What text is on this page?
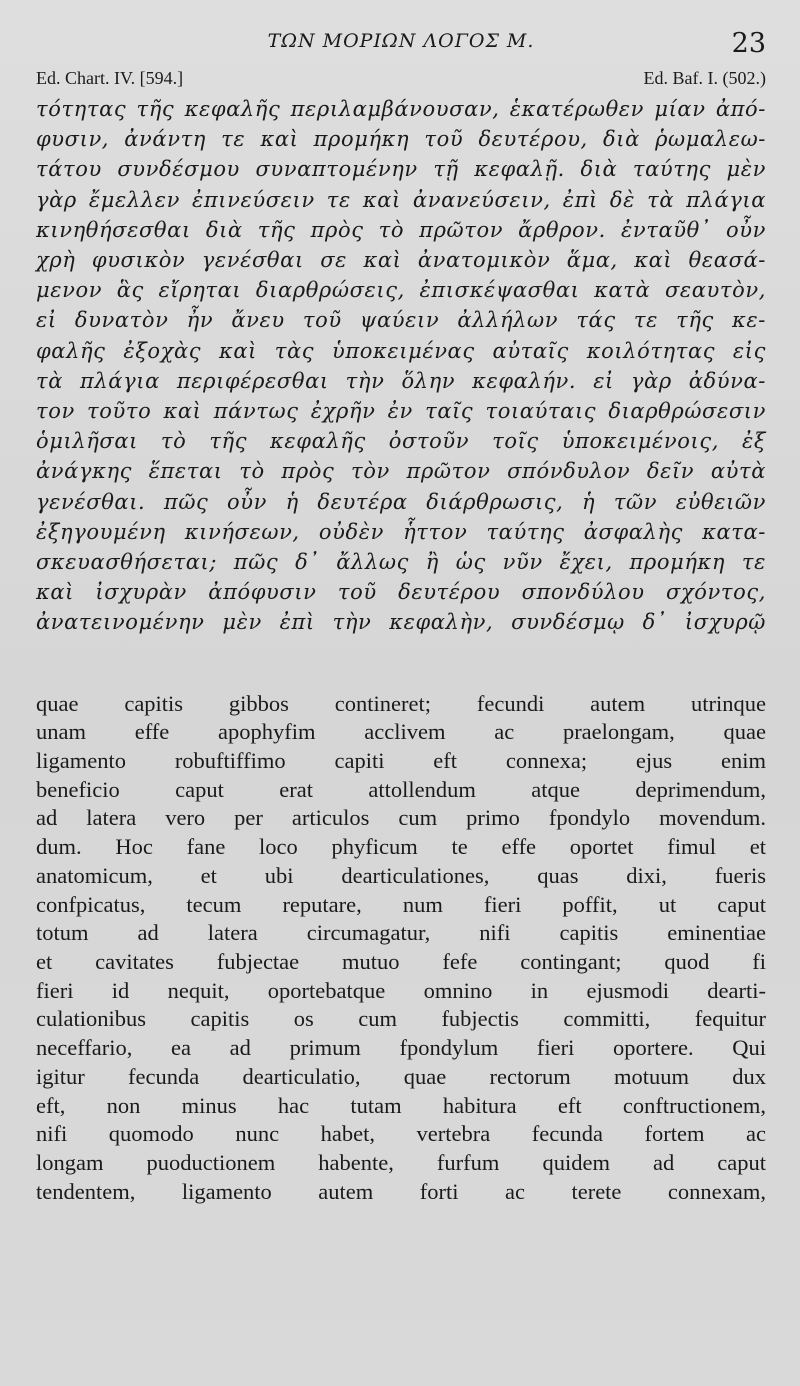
ΤΩΝ ΜΟΡΙΩΝ ΛΟΓΟΣ Μ.	23
Ed. Chart. IV. [594.]	Ed. Baf. I. (502.)
τότητας τῆς κεφαλῆς περιλαμβάνουσαν, ἑκατέρωθεν μίαν ἀπό-
φυσιν, ἀνάντη τε καὶ προμήκη τοῦ δευτέρου, διὰ ῥωμαλεω-
τάτου συνδέσμου συναπτομένην τῇ κεφαλῇ. διὰ ταύτης μὲν
γὰρ ἔμελλεν ἐπινεύσειν τε καὶ ἀνανεύσειν, ἐπὶ δὲ τὰ πλάγια
κινηθήσεσθαι διὰ τῆς πρὸς τὸ πρῶτον ἄρθρον. ἐνταῦθ᾽ οὖν
χρὴ φυσικὸν γενέσθαι σε καὶ ἀνατομικὸν ἅμα, καὶ θεασά-
μενον ἃς εἴρηται διαρθρώσεις, ἐπισκέψασθαι κατὰ σεαυτὸν,
εἰ δυνατὸν ἦν ἄνευ τοῦ ψαύειν ἀλλήλων τάς τε τῆς κε-
φαλῆς ἐξοχὰς καὶ τὰς ὑποκειμένας αὐταῖς κοιλότητας εἰς
τὰ πλάγια περιφέρεσθαι τὴν ὅλην κεφαλήν. εἰ γὰρ ἀδύνα-
τον τοῦτο καὶ πάντως ἐχρῆν ἐν ταῖς τοιαύταις διαρθρώσεσιν
ὁμιλῆσαι τὸ τῆς κεφαλῆς ὀστοῦν τοῖς ὑποκειμένοις, ἐξ
ἀνάγκης ἕπεται τὸ πρὸς τὸν πρῶτον σπόνδυλον δεῖν αὐτὰ
γενέσθαι. πῶς οὖν ἡ δευτέρα διάρθρωσις, ἡ τῶν εὐθειῶν
ἐξηγουμένη κινήσεων, οὐδὲν ἧττον ταύτης ἀσφαλὴς κατα-
σκευασθήσεται; πῶς δ᾽ ἄλλως ἢ ὡς νῦν ἔχει, προμήκη τε
καὶ ἰσχυρὰν ἀπόφυσιν τοῦ δευτέρου σπονδύλου σχόντος,
ἀνατεινομένην μὲν ἐπὶ τὴν κεφαλὴν, συνδέσμῳ δ᾽ ἰσχυρῷ
quae capitis gibbos contineret; fecundi autem utrinque
unam effe apophyfim acclivem ac praelongam, quae
ligamento robuftiffimo capiti eft connexa; ejus enim
beneficio caput erat attollendum atque deprimendum,
ad latera vero per articulos cum primo fpondylo movendum.
dum. Hoc fane loco phyficum te effe oportet fimul et
anatomicum, et ubi dearticulationes, quas dixi, fueris
confpicatus, tecum reputare, num fieri poffit, ut caput
totum ad latera circumagatur, nifi capitis eminentiae
et cavitates fubjectae mutuo fefe contingant; quod fi
fieri id nequit, oportebatque omnino in ejusmodi dearti-
culationibus capitis os cum fubjectis committi, fequitur
neceffario, ea ad primum fpondylum fieri oportere. Qui
igitur fecunda dearticulatio, quae rectorum motuum dux
eft, non minus hac tutam habitura eft conftructionem,
nifi quomodo nunc habet, vertebra fecunda fortem ac
longam puoductionem habente, furfum quidem ad caput
tendentem, ligamento autem forti ac terete connexam,
